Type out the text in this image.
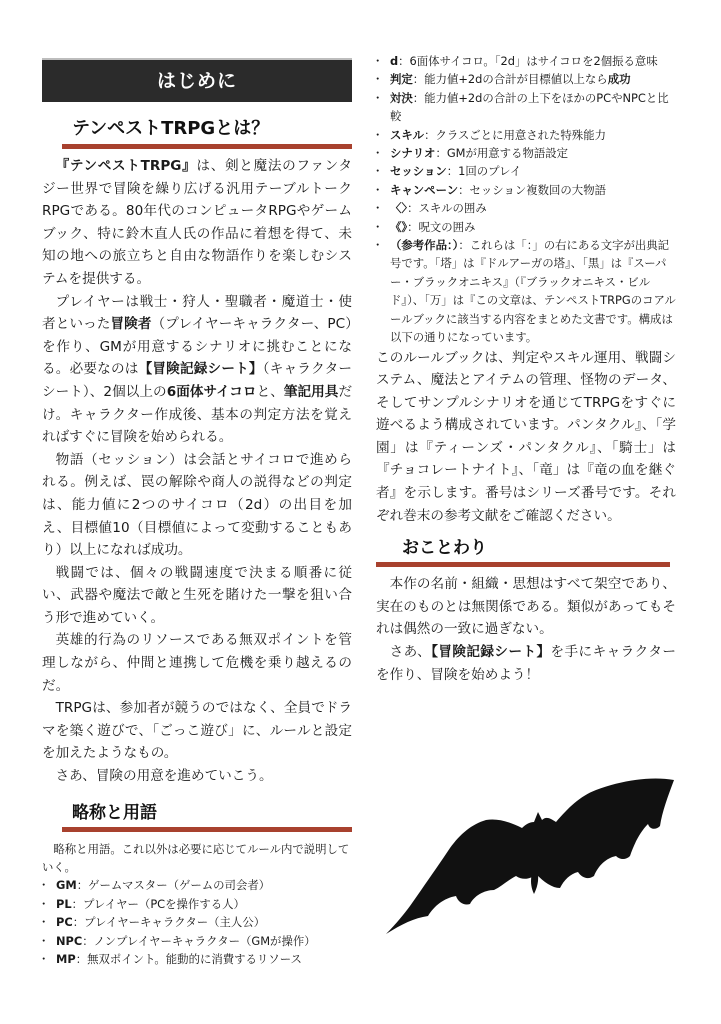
はじめに
テンペストTRPGとは？

『テンペストTRPG』は、剣と魔法のファンタジー世界で冒険を繰り広げる汎用テーブルトークRPGである。80年代のコンピュータRPGやゲームブック、特に鈴木直人氏の作品に着想を得て、未知の地への旅立ちと自由な物語作りを楽しむシステムを提供する。

プレイヤーは戦士・狩人・聖職者・魔道士・使者といった冒険者（プレイヤーキャラクター、PC）を作り、GMが用意するシナリオに挑むことになる。必要なのは【冒険記録シート】（キャラクターシート）、2個以上の6面体サイコロと、筆記用具だけ。キャラクター作成後、基本の判定方法を覚えればすぐに冒険を始められる。

物語（セッション）は会話とサイコロで進められる。例えば、罠の解除や商人の説得などの判定は、能力値に2つのサイコロ（2d）の出目を加え、目標値10（目標値によって変動することもあり）以上になれば成功。

戦闘では、個々の戦闘速度で決まる順番に従い、武器や魔法で敵と生死を賭けた一撃を狙い合う形で進めていく。

英雄的行為のリソースである無双ポイントを管理しながら、仲間と連携して危機を乗り越えるのだ。

TRPGは、参加者が競うのではなく、全員でドラマを築く遊びで、「ごっこ遊び」に、ルールと設定を加えたようなもの。

さあ、冒険の用意を進めていこう。

略称と用語

略称と用語。これ以外は必要に応じてルール内で説明していく。

・ GM：ゲームマスター（ゲームの司会者）
・ PL：プレイヤー（PCを操作する人）
・ PC：プレイヤーキャラクター（主人公）
・ NPC：ノンプレイヤーキャラクター（GMが操作）
・ MP：無双ポイント。能動的に消費するリソース
・ d：6面体サイコロ。「2d」はサイコロを2個振る意味
・ 判定：能力値+2dの合計が目標値以上なら成功
・ 対決：能力値+2dの合計の上下をほかのPCやNPCと比較
・ スキル：クラスごとに用意された特殊能力
・ シナリオ：GMが用意する物語設定
・ セッション：1回のプレイ
・ キャンペーン：セッション複数回の大物語
・ 〈〉：スキルの囲み
・ 《》：呪文の囲み
・ （参考作品：）：これらは「：」の右にある文字が出典記号です。「塔」は『ドルアーガの塔』、「黒」は『スーパー・ブラックオニキス』（『ブラックオニキス・ビルド』）、「万」は『この文章は、テンペストTRPGのコアルールブックに該当する内容をまとめた文書です。構成は以下の通りになっています。

このルールブックは、判定やスキル運用、戦闘システム、魔法とアイテムの管理、怪物のデータ、そしてサンプルシナリオを通じてTRPGをすぐに遊べるよう構成されています。パンタクル』、「学園」は『ティーンズ・パンタクル』、「騎士」は『チョコレートナイト』、「竜」は『竜の血を継ぐ者』を示します。番号はシリーズ番号です。それぞれ巻末の参考文献をご確認ください。

おことわり

本作の名前・組織・思想はすべて架空であり、実在のものとは無関係である。類似があってもそれは偶然の一致に過ぎない。

さあ、【冒険記録シート】を手にキャラクターを作り、冒険を始めよう！
